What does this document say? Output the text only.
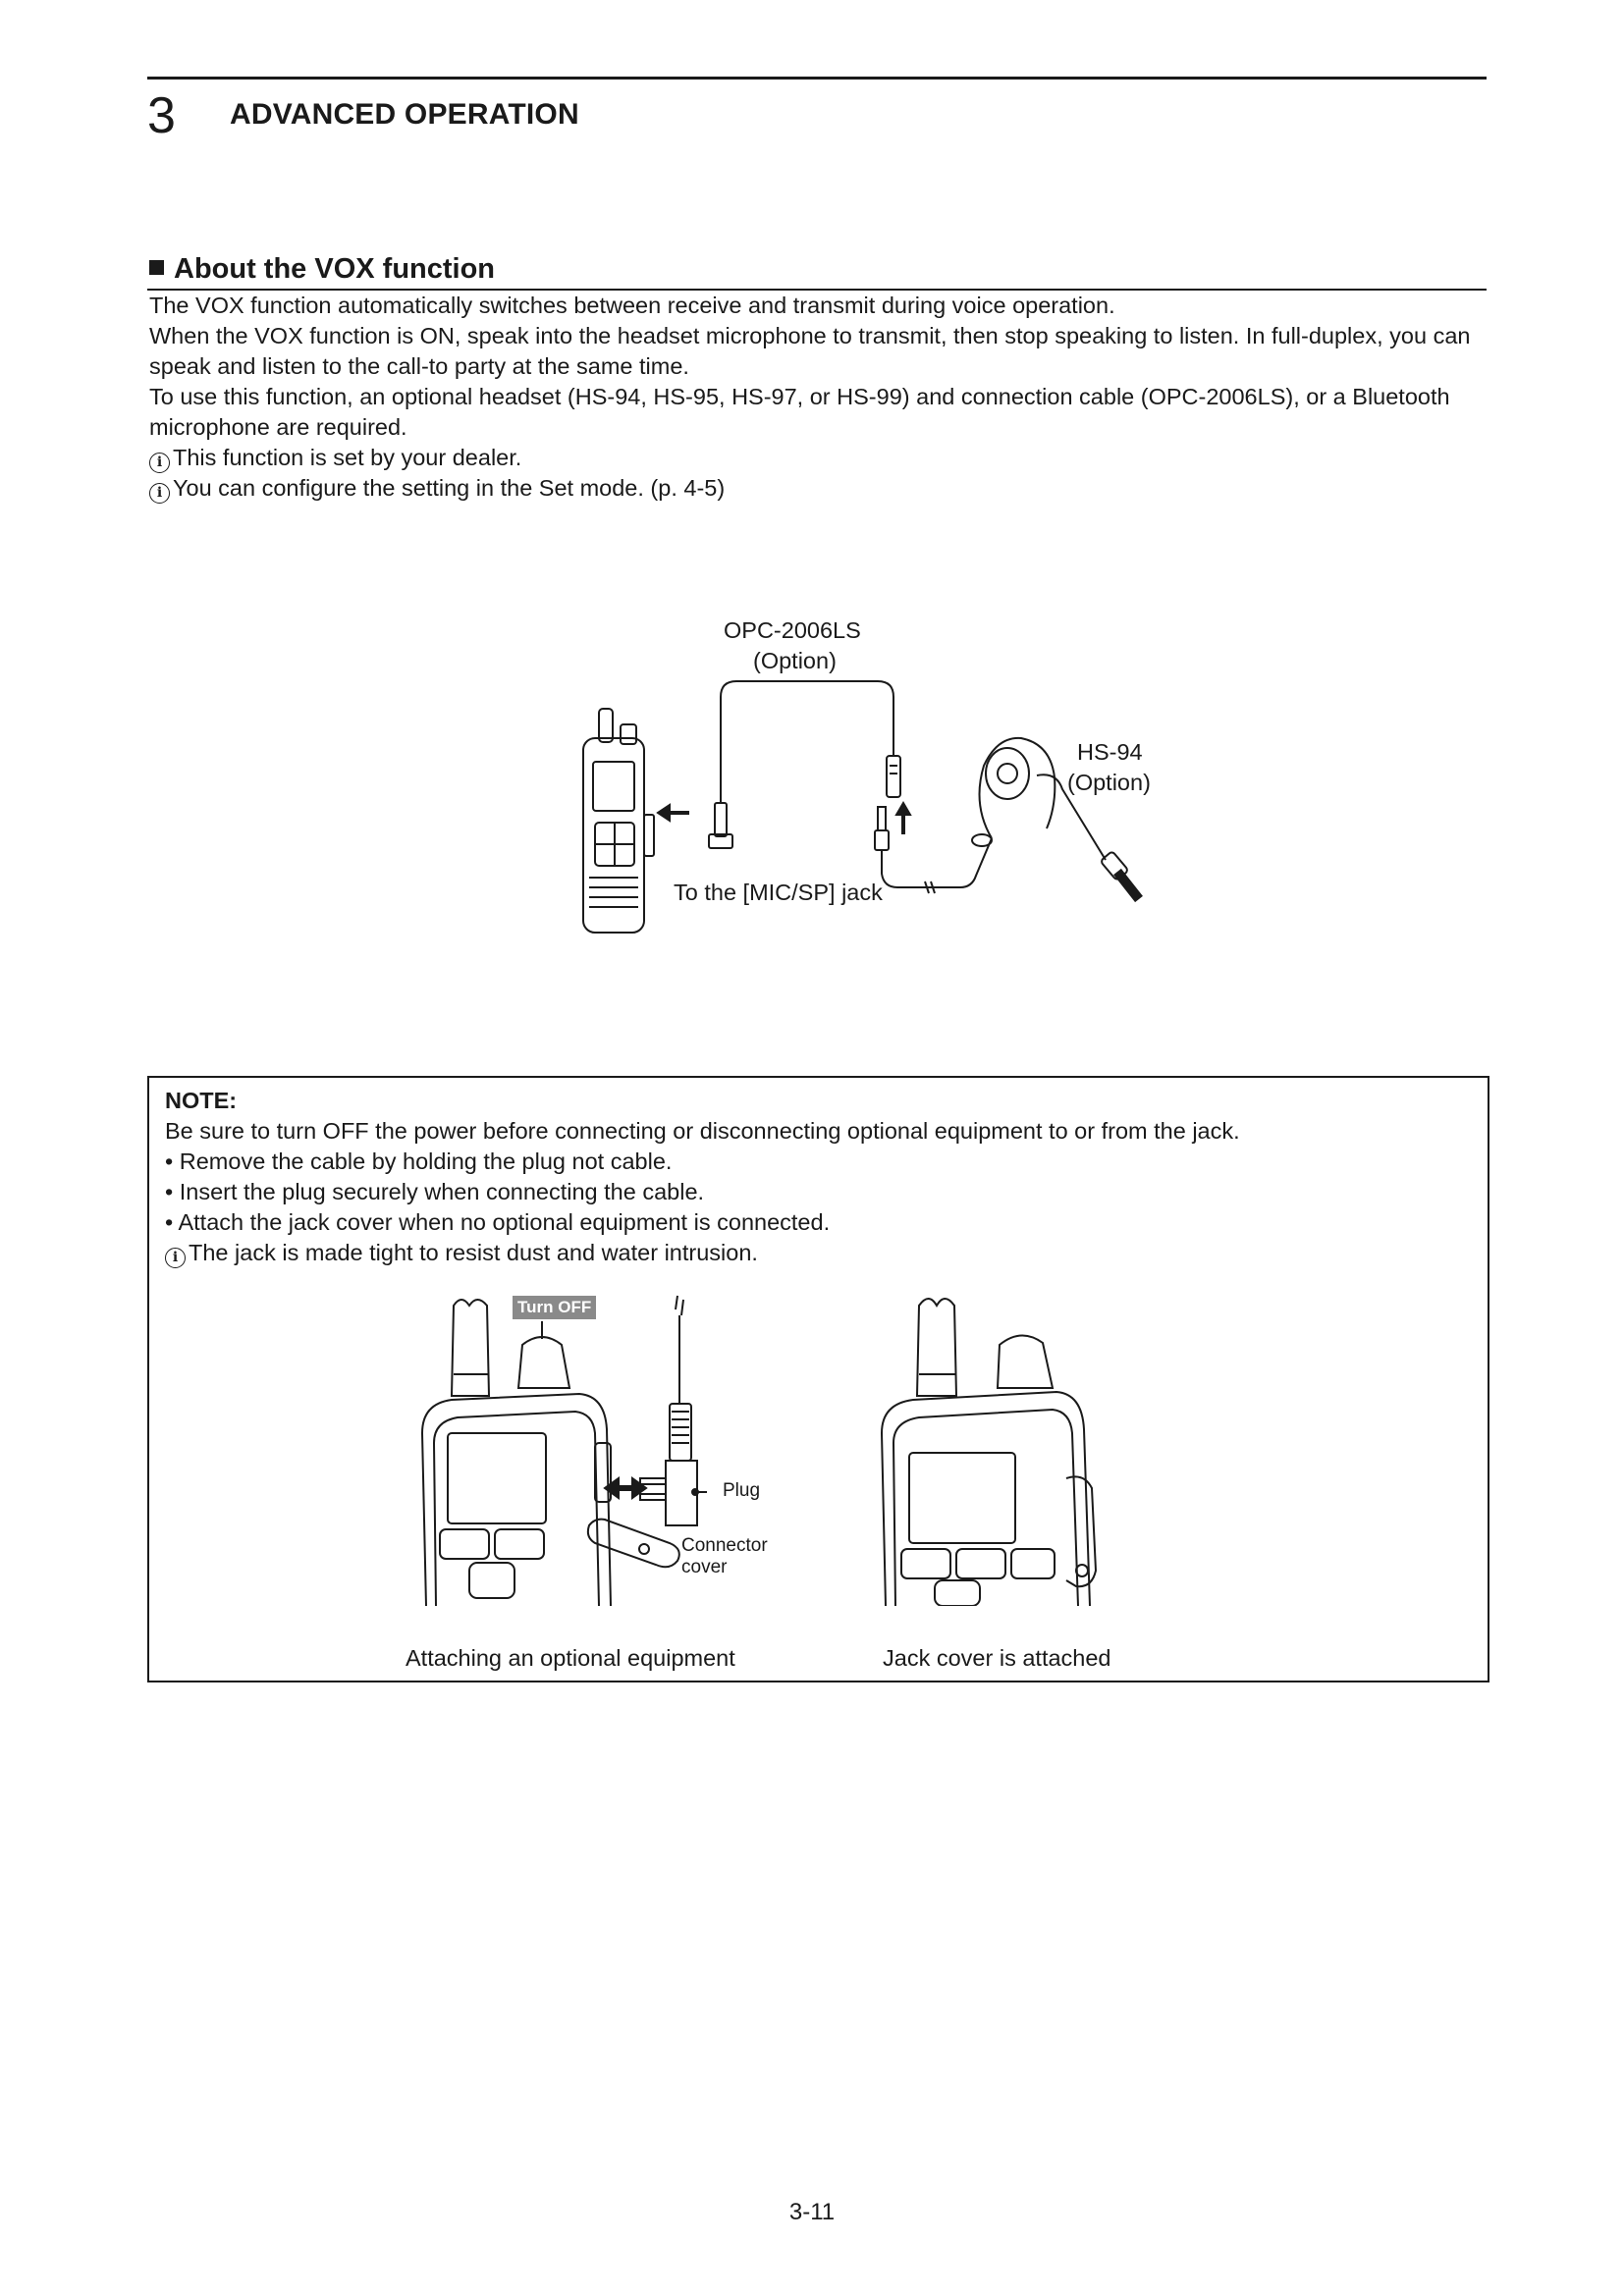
3 ADVANCED OPERATION
About the VOX function

The VOX function automatically switches between receive and transmit during voice operation.

When the VOX function is ON, speak into the headset microphone to transmit, then stop speaking to listen. In full-duplex, you can speak and listen to the call-to party at the same time.

To use this function, an optional headset (HS-94, HS-95, HS-97, or HS-99) and connection cable (OPC-2006LS), or a Bluetooth microphone are required.

i This function is set by your dealer.

i You can configure the setting in the Set mode. (p. 4-5)

OPC-2006LS
(Option)
HS-94
(Option)
To the [MIC/SP] jack

NOTE:

Be sure to turn OFF the power before connecting or disconnecting optional equipment to or from the jack.

• Remove the cable by holding the plug not cable.

• Insert the plug securely when connecting the cable.

• Attach the jack cover when no optional equipment is connected.

i The jack is made tight to resist dust and water intrusion.

Turn OFF
Plug
Connector
cover
Attaching an optional equipment	Jack cover is attached
3-11
